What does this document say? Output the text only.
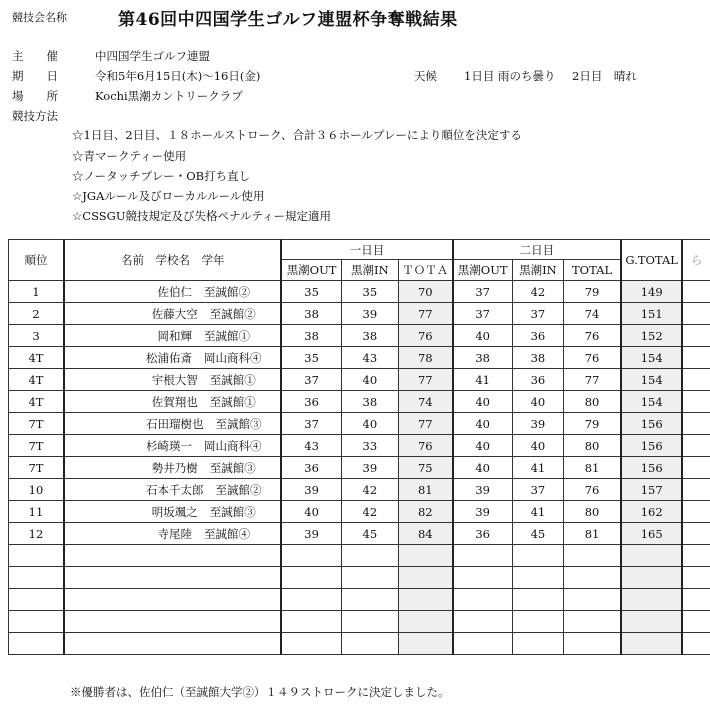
競技会名称	第46回中四国学生ゴルフ連盟杯争奪戦結果
主　　催	中四国学生ゴルフ連盟
期　　日	令和5年6月15日(木)〜16日(金)	天候 1日目 雨のち曇り 2日目　晴れ
場　　所	Kochi黒潮カントリークラブ
競技方法
☆1日目、2日目、１８ホールストローク、合計３６ホールプレーにより順位を決定する
☆青マークティー使用
☆ノータッチプレー・OB打ち直し
☆JGAルール及びローカルルール使用
☆CSSGU競技規定及び失格ペナルティー規定適用
順位	名前　学校名　学年	一日目			二日目			G.TOTAL	ら
		黒潮OUT	黒潮IN	ＴＯＴＡ	黒潮OUT	黒潮IN	TOTAL		
1	佐伯仁 至誠館②	35	35	70	37	42	79	149	
2	佐藤大空 至誠館②	38	39	77	37	37	74	151	
3	岡和輝 至誠館①	38	38	76	40	36	76	152	
4T	松浦佑斎 岡山商科④	35	43	78	38	38	76	154	
4T	宇根大智 至誠館①	37	40	77	41	36	77	154	
4T	佐賀翔也 至誠館①	36	38	74	40	40	80	154	
7T	石田瑠樹也 至誠館③	37	40	77	40	39	79	156	
7T	杉崎瑛一 岡山商科④	43	33	76	40	40	80	156	
7T	勢井乃樹 至誠館③	36	39	75	40	41	81	156	
10	石本千太郎 至誠館②	39	42	81	39	37	76	157	
11	明坂颯之 至誠館③	40	42	82	39	41	80	162	
12	寺尾陸 至誠館④	39	45	84	36	45	81	165	

※優勝者は、佐伯仁（至誠館大学②）１４９ストロークに決定しました。
